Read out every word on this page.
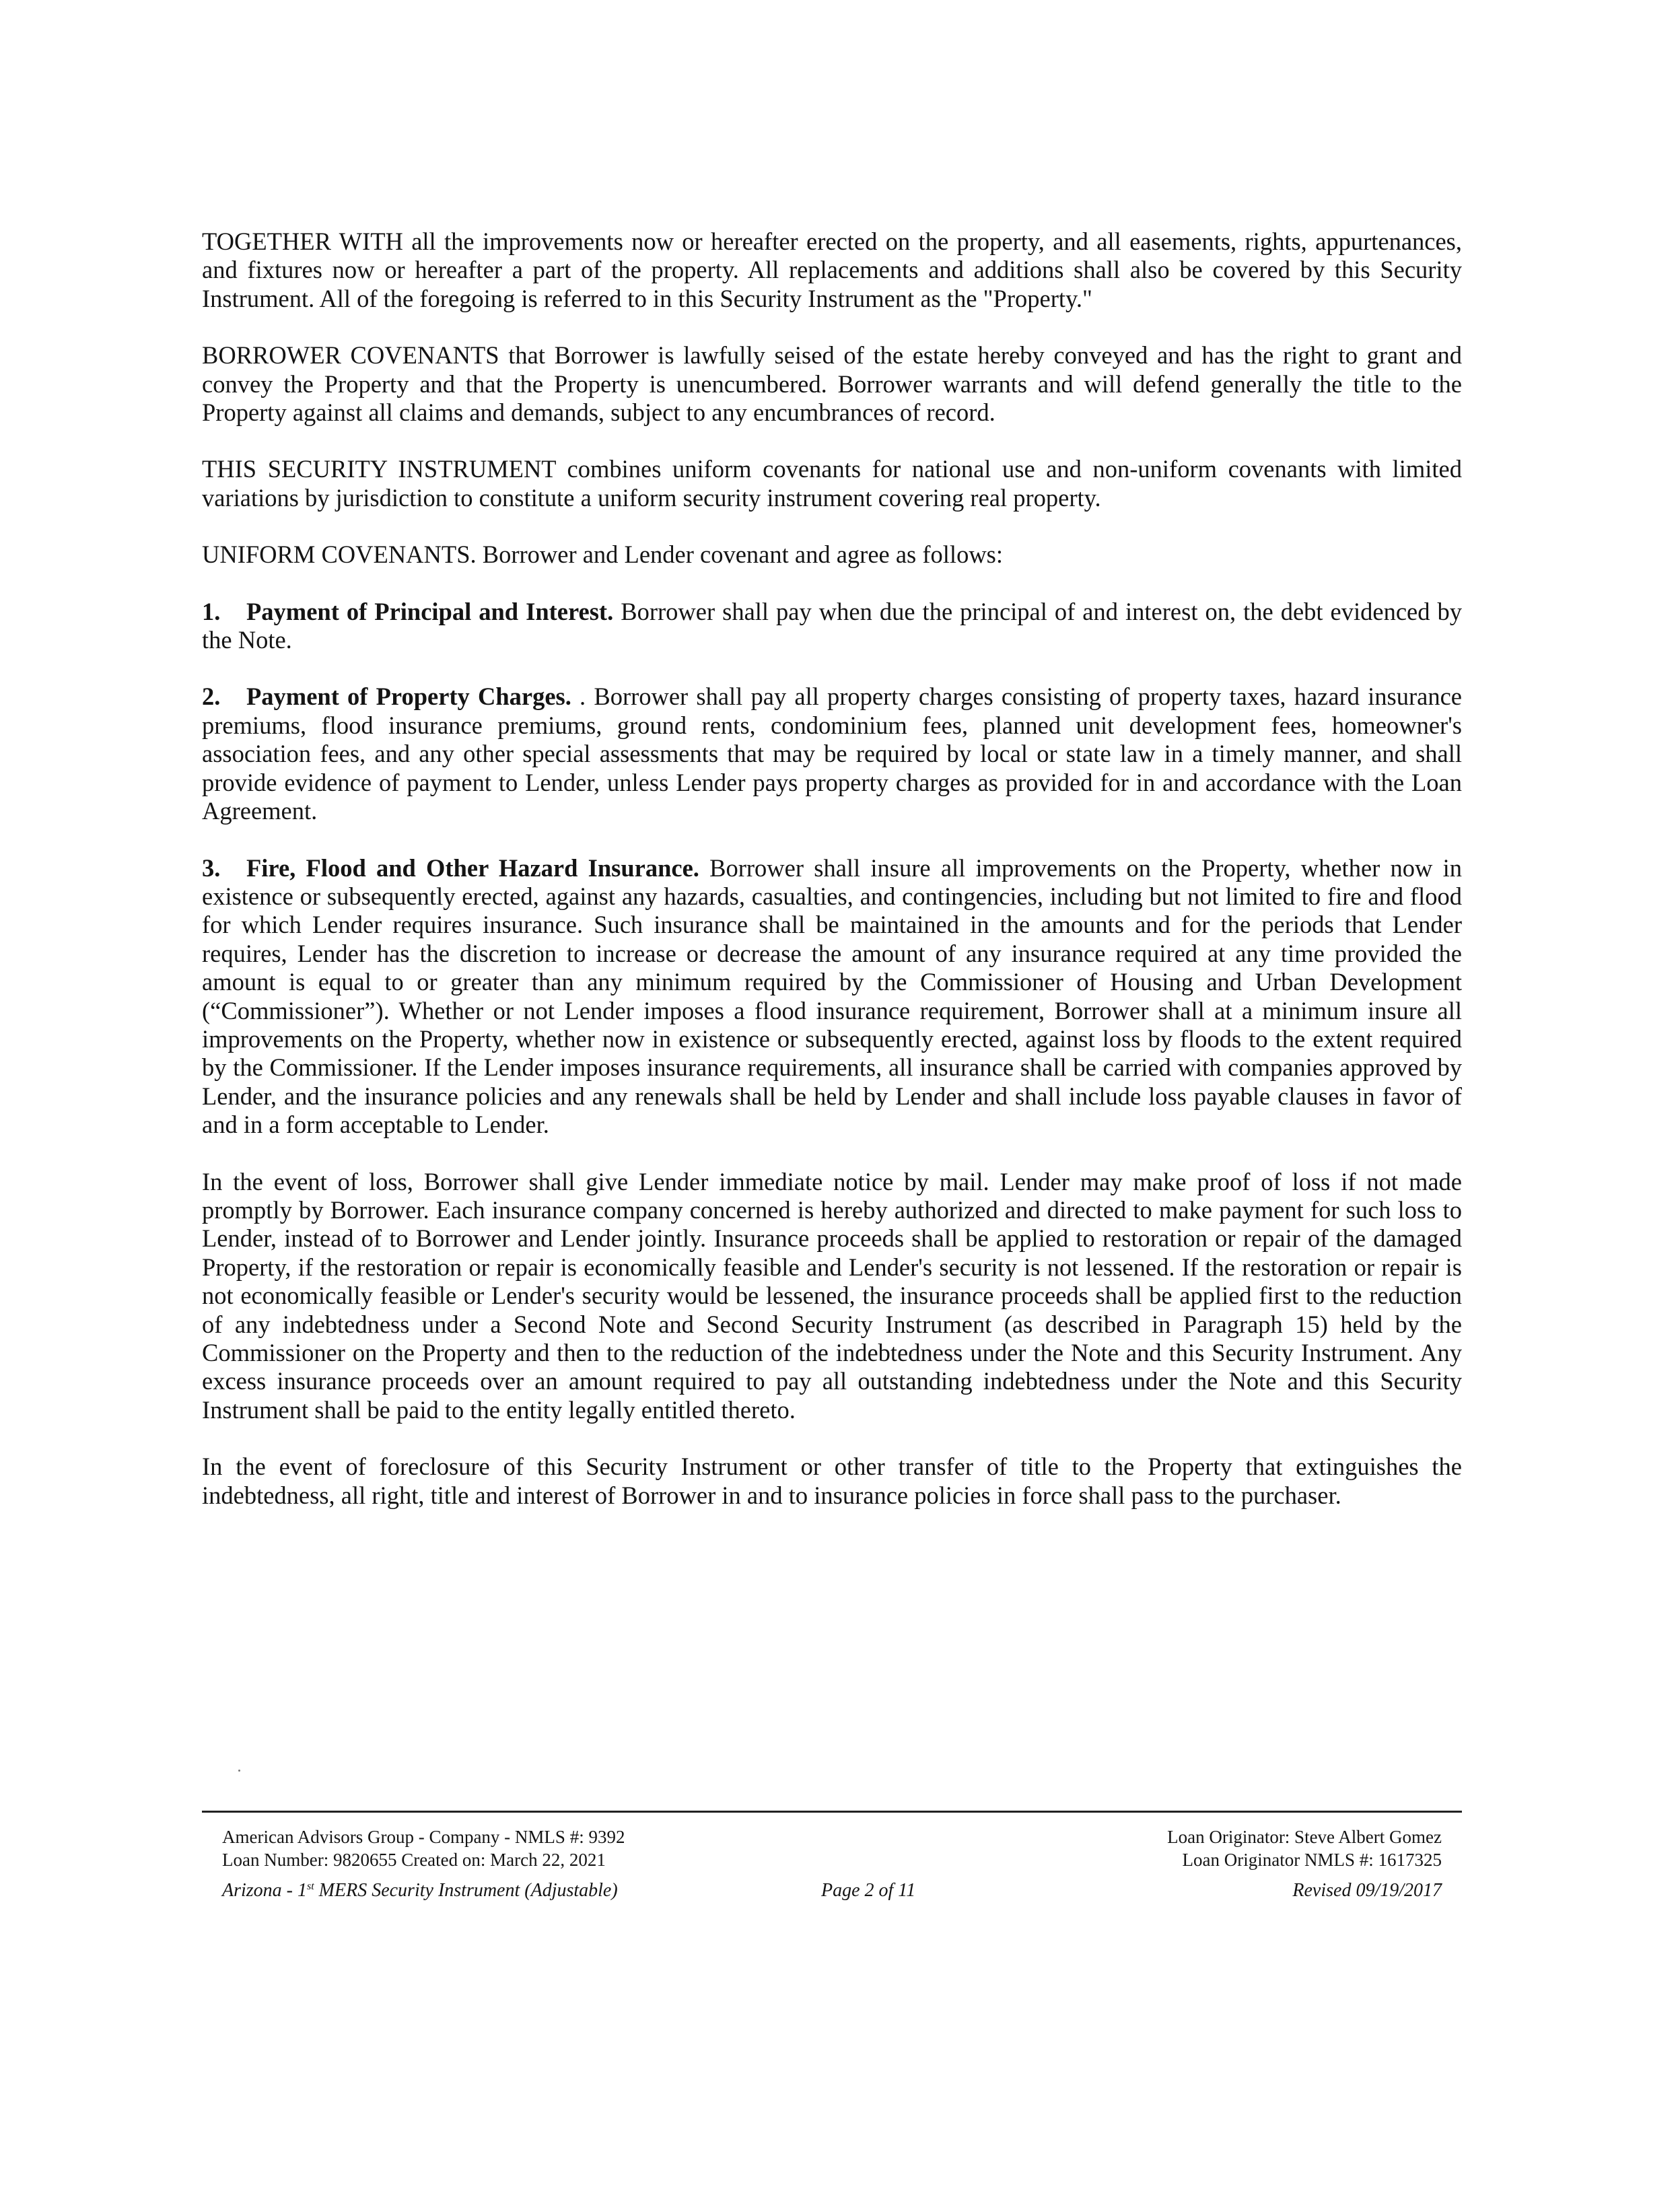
TOGETHER WITH all the improvements now or hereafter erected on the property, and all easements, rights, appurtenances, and fixtures now or hereafter a part of the property. All replacements and additions shall also be covered by this Security Instrument. All of the foregoing is referred to in this Security Instrument as the "Property."

BORROWER COVENANTS that Borrower is lawfully seised of the estate hereby conveyed and has the right to grant and convey the Property and that the Property is unencumbered. Borrower warrants and will defend generally the title to the Property against all claims and demands, subject to any encumbrances of record.

THIS SECURITY INSTRUMENT combines uniform covenants for national use and non-uniform covenants with limited variations by jurisdiction to constitute a uniform security instrument covering real property.

UNIFORM COVENANTS. Borrower and Lender covenant and agree as follows:

1. Payment of Principal and Interest. Borrower shall pay when due the principal of and interest on, the debt evidenced by the Note.

2. Payment of Property Charges. . Borrower shall pay all property charges consisting of property taxes, hazard insurance premiums, flood insurance premiums, ground rents, condominium fees, planned unit development fees, homeowner's association fees, and any other special assessments that may be required by local or state law in a timely manner, and shall provide evidence of payment to Lender, unless Lender pays property charges as provided for in and accordance with the Loan Agreement.

3. Fire, Flood and Other Hazard Insurance. Borrower shall insure all improvements on the Property, whether now in existence or subsequently erected, against any hazards, casualties, and contingencies, including but not limited to fire and flood for which Lender requires insurance. Such insurance shall be maintained in the amounts and for the periods that Lender requires, Lender has the discretion to increase or decrease the amount of any insurance required at any time provided the amount is equal to or greater than any minimum required by the Commissioner of Housing and Urban Development (“Commissioner”). Whether or not Lender imposes a flood insurance requirement, Borrower shall at a minimum insure all improvements on the Property, whether now in existence or subsequently erected, against loss by floods to the extent required by the Commissioner. If the Lender imposes insurance requirements, all insurance shall be carried with companies approved by Lender, and the insurance policies and any renewals shall be held by Lender and shall include loss payable clauses in favor of and in a form acceptable to Lender.

In the event of loss, Borrower shall give Lender immediate notice by mail. Lender may make proof of loss if not made promptly by Borrower. Each insurance company concerned is hereby authorized and directed to make payment for such loss to Lender, instead of to Borrower and Lender jointly. Insurance proceeds shall be applied to restoration or repair of the damaged Property, if the restoration or repair is economically feasible and Lender's security is not lessened. If the restoration or repair is not economically feasible or Lender's security would be lessened, the insurance proceeds shall be applied first to the reduction of any indebtedness under a Second Note and Second Security Instrument (as described in Paragraph 15) held by the Commissioner on the Property and then to the reduction of the indebtedness under the Note and this Security Instrument. Any excess insurance proceeds over an amount required to pay all outstanding indebtedness under the Note and this Security Instrument shall be paid to the entity legally entitled thereto.

In the event of foreclosure of this Security Instrument or other transfer of title to the Property that extinguishes the indebtedness, all right, title and interest of Borrower in and to insurance policies in force shall pass to the purchaser.

American Advisors Group - Company - NMLS #: 9392
Loan Number: 9820655 Created on: March 22, 2021
Loan Originator: Steve Albert Gomez
Loan Originator NMLS #: 1617325
Arizona - 1st MERS Security Instrument (Adjustable)	Page 2 of 11	Revised 09/19/2017
